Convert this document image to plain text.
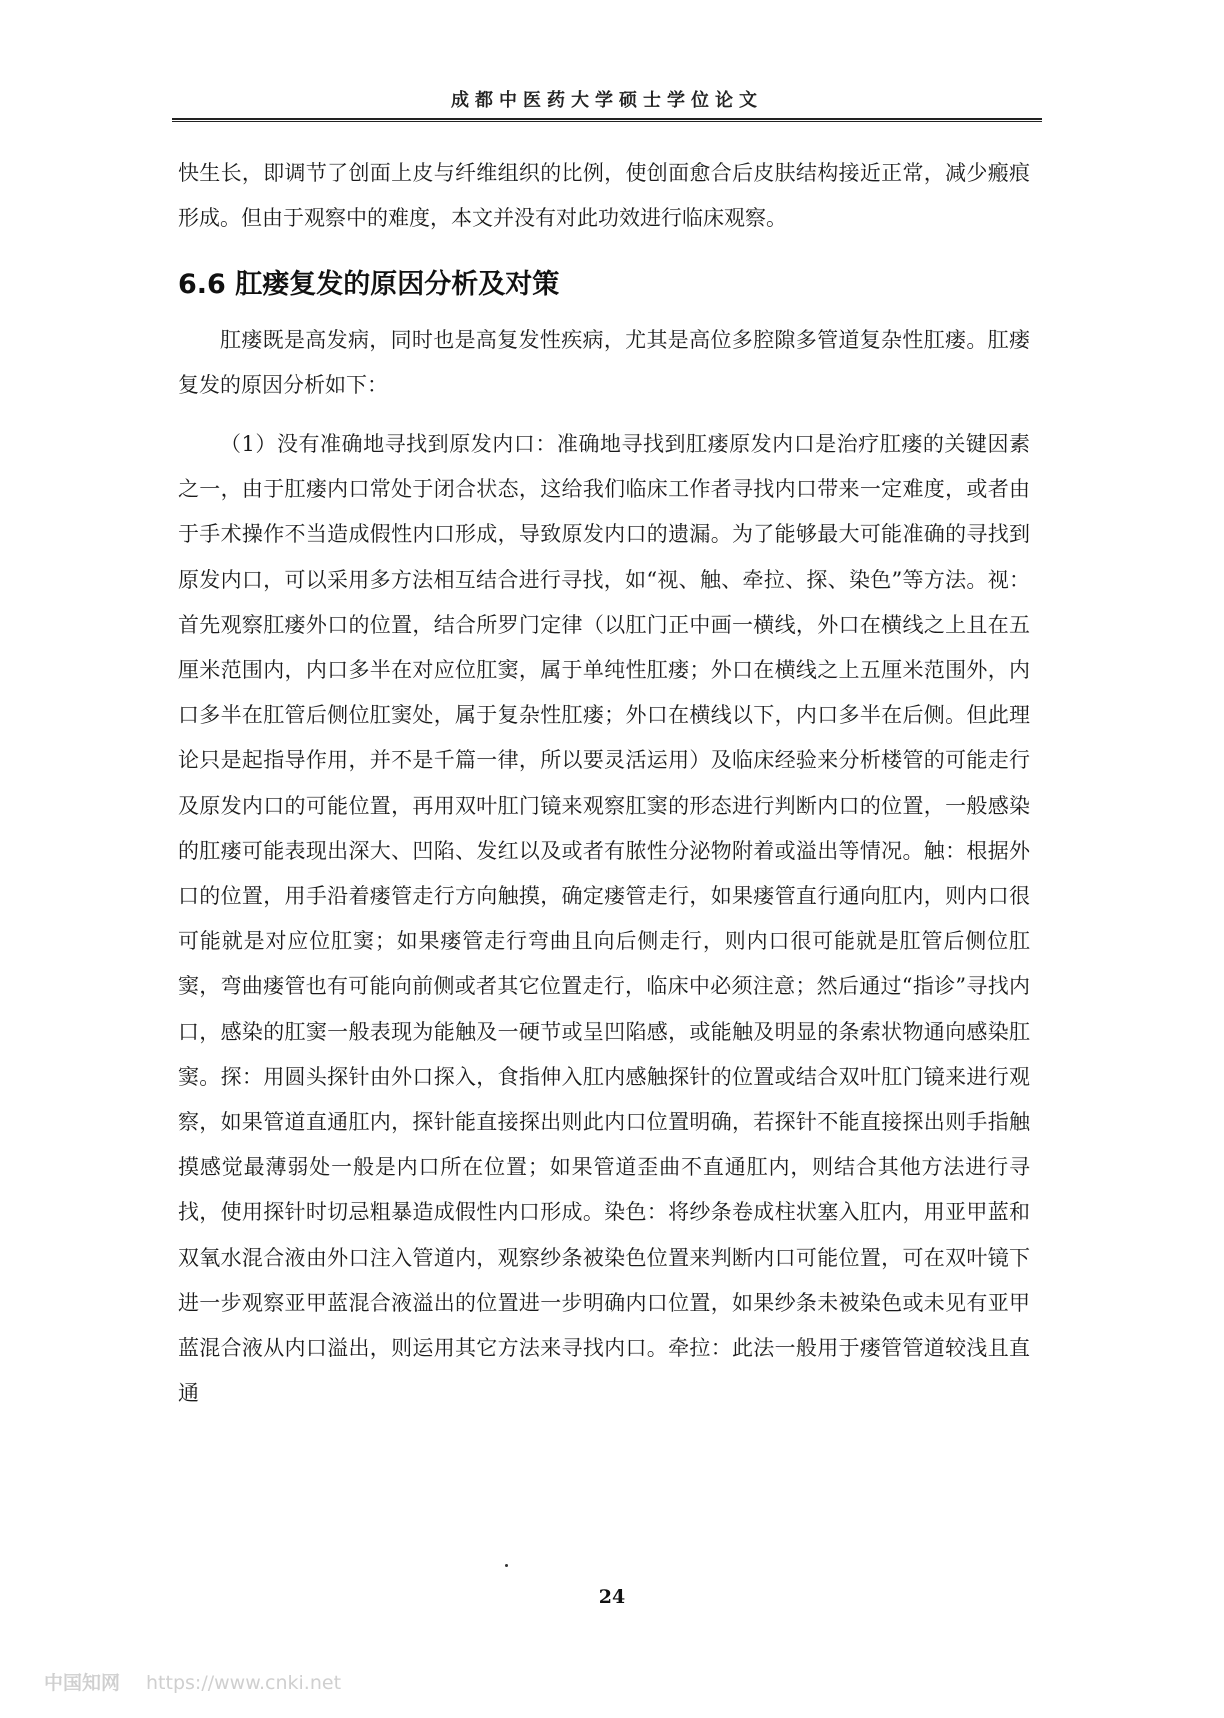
成都中医药大学硕士学位论文

快生长，即调节了创面上皮与纤维组织的比例，使创面愈合后皮肤结构接近正常，减少瘢痕形成。但由于观察中的难度，本文并没有对此功效进行临床观察。

6.6 肛瘘复发的原因分析及对策

肛瘘既是高发病，同时也是高复发性疾病，尤其是高位多腔隙多管道复杂性肛瘘。肛瘘复发的原因分析如下：

（1）没有准确地寻找到原发内口：准确地寻找到肛瘘原发内口是治疗肛瘘的关键因素之一，由于肛瘘内口常处于闭合状态，这给我们临床工作者寻找内口带来一定难度，或者由于手术操作不当造成假性内口形成，导致原发内口的遗漏。为了能够最大可能准确的寻找到原发内口，可以采用多方法相互结合进行寻找，如“视、触、牵拉、探、染色”等方法。视：首先观察肛瘘外口的位置，结合所罗门定律（以肛门正中画一横线，外口在横线之上且在五厘米范围内，内口多半在对应位肛窦，属于单纯性肛瘘；外口在横线之上五厘米范围外，内口多半在肛管后侧位肛窦处，属于复杂性肛瘘；外口在横线以下，内口多半在后侧。但此理论只是起指导作用，并不是千篇一律，所以要灵活运用）及临床经验来分析楼管的可能走行及原发内口的可能位置，再用双叶肛门镜来观察肛窦的形态进行判断内口的位置，一般感染的肛瘘可能表现出深大、凹陷、发红以及或者有脓性分泌物附着或溢出等情况。触：根据外口的位置，用手沿着瘘管走行方向触摸，确定瘘管走行，如果瘘管直行通向肛内，则内口很可能就是对应位肛窦；如果瘘管走行弯曲且向后侧走行，则内口很可能就是肛管后侧位肛窦，弯曲瘘管也有可能向前侧或者其它位置走行，临床中必须注意；然后通过“指诊”寻找内口，感染的肛窦一般表现为能触及一硬节或呈凹陷感，或能触及明显的条索状物通向感染肛窦。探：用圆头探针由外口探入，食指伸入肛内感触探针的位置或结合双叶肛门镜来进行观察，如果管道直通肛内，探针能直接探出则此内口位置明确，若探针不能直接探出则手指触摸感觉最薄弱处一般是内口所在位置；如果管道歪曲不直通肛内，则结合其他方法进行寻找，使用探针时切忌粗暴造成假性内口形成。染色：将纱条卷成柱状塞入肛内，用亚甲蓝和双氧水混合液由外口注入管道内，观察纱条被染色位置来判断内口可能位置，可在双叶镜下进一步观察亚甲蓝混合液溢出的位置进一步明确内口位置，如果纱条未被染色或未见有亚甲蓝混合液从内口溢出，则运用其它方法来寻找内口。牵拉：此法一般用于瘘管管道较浅且直通

24
中国知网 https://www.cnki.net
